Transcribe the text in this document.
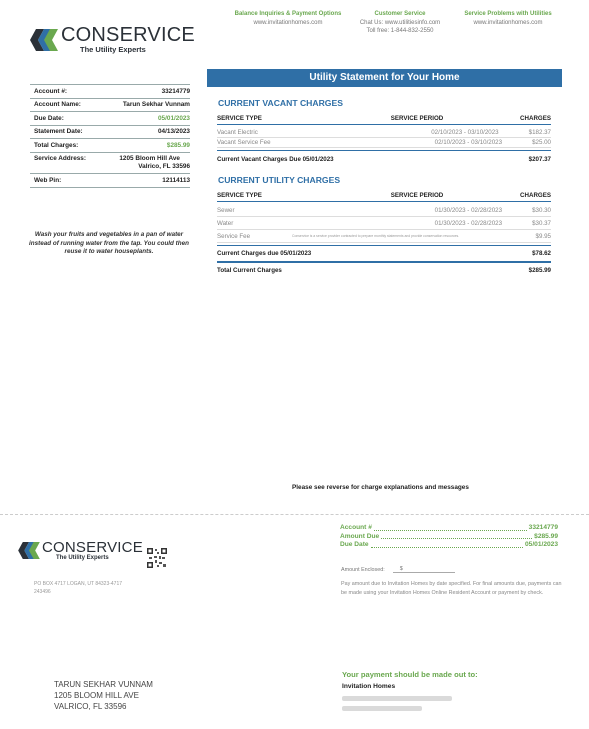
CONSERVICE
The Utility Experts
Balance Inquiries & Payment Options
www.invitationhomes.com
Customer Service
Chat Us: www.utilitiesinfo.com
Toll free: 1-844-832-2550
Service Problems with Utilities
www.invitationhomes.com
Account #:	33214779
Account Name:	Tarun Sekhar Vunnam
Due Date:	05/01/2023
Statement Date:	04/13/2023
Total Charges:	$285.99
Service Address:	1205 Bloom Hill Ave
Valrico, FL 33596
Web Pin:	12114113
Wash your fruits and vegetables in a pan of water instead of running water from the tap. You could then reuse it to water houseplants.
Utility Statement for Your Home
CURRENT VACANT CHARGES
SERVICE TYPE	SERVICE PERIOD	CHARGES
Vacant Electric	02/10/2023 - 03/10/2023	$182.37
Vacant Service Fee	02/10/2023 - 03/10/2023	$25.00
Current Vacant Charges Due 05/01/2023	$207.37
CURRENT UTILITY CHARGES
SERVICE TYPE	SERVICE PERIOD	CHARGES
Sewer	01/30/2023 - 02/28/2023	$30.30
Water	01/30/2023 - 02/28/2023	$30.37
Service Fee	Conservice is a service provider contracted to prepare monthly statements and provide conservation resources.	$9.95
Current Charges due 05/01/2023	$78.62
Total Current Charges	$285.99
Please see reverse for charge explanations and messages
CONSERVICE
The Utility Experts
PO BOX 4717 LOGAN, UT 84323-4717
243496
Account #	33214779
Amount Due	$285.99
Due Date	05/01/2023
Amount Enclosed:	$
Pay amount due to Invitation Homes by date specified. For final amounts due, payments can be made using your Invitation Homes Online Resident Account or payment by check.
TARUN SEKHAR VUNNAM
1205 BLOOM HILL AVE
VALRICO, FL 33596
Your payment should be made out to:
Invitation Homes
